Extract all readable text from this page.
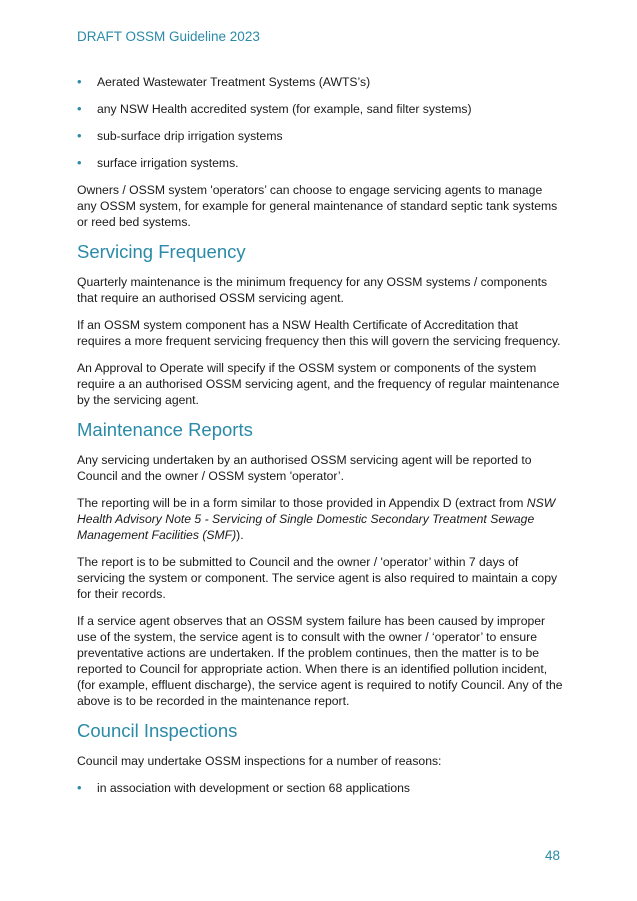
DRAFT OSSM Guideline 2023
• Aerated Wastewater Treatment Systems (AWTS’s)
• any NSW Health accredited system (for example, sand filter systems)
• sub-surface drip irrigation systems
• surface irrigation systems.

Owners / OSSM system 'operators’ can choose to engage servicing agents to manage any OSSM system, for example for general maintenance of standard septic tank systems or reed bed systems.

Servicing Frequency

Quarterly maintenance is the minimum frequency for any OSSM systems / components that require an authorised OSSM servicing agent.

If an OSSM system component has a NSW Health Certificate of Accreditation that requires a more frequent servicing frequency then this will govern the servicing frequency.

An Approval to Operate will specify if the OSSM system or components of the system require a an authorised OSSM servicing agent, and the frequency of regular maintenance by the servicing agent.

Maintenance Reports

Any servicing undertaken by an authorised OSSM servicing agent will be reported to Council and the owner / OSSM system 'operator’.

The reporting will be in a form similar to those provided in Appendix D (extract from NSW Health Advisory Note 5 - Servicing of Single Domestic Secondary Treatment Sewage Management Facilities (SMF)).

The report is to be submitted to Council and the owner / 'operator’ within 7 days of servicing the system or component. The service agent is also required to maintain a copy for their records.

If a service agent observes that an OSSM system failure has been caused by improper use of the system, the service agent is to consult with the owner / ‘operator’ to ensure preventative actions are undertaken. If the problem continues, then the matter is to be reported to Council for appropriate action. When there is an identified pollution incident, (for example, effluent discharge), the service agent is required to notify Council. Any of the above is to be recorded in the maintenance report.

Council Inspections

Council may undertake OSSM inspections for a number of reasons:

• in association with development or section 68 applications
48
